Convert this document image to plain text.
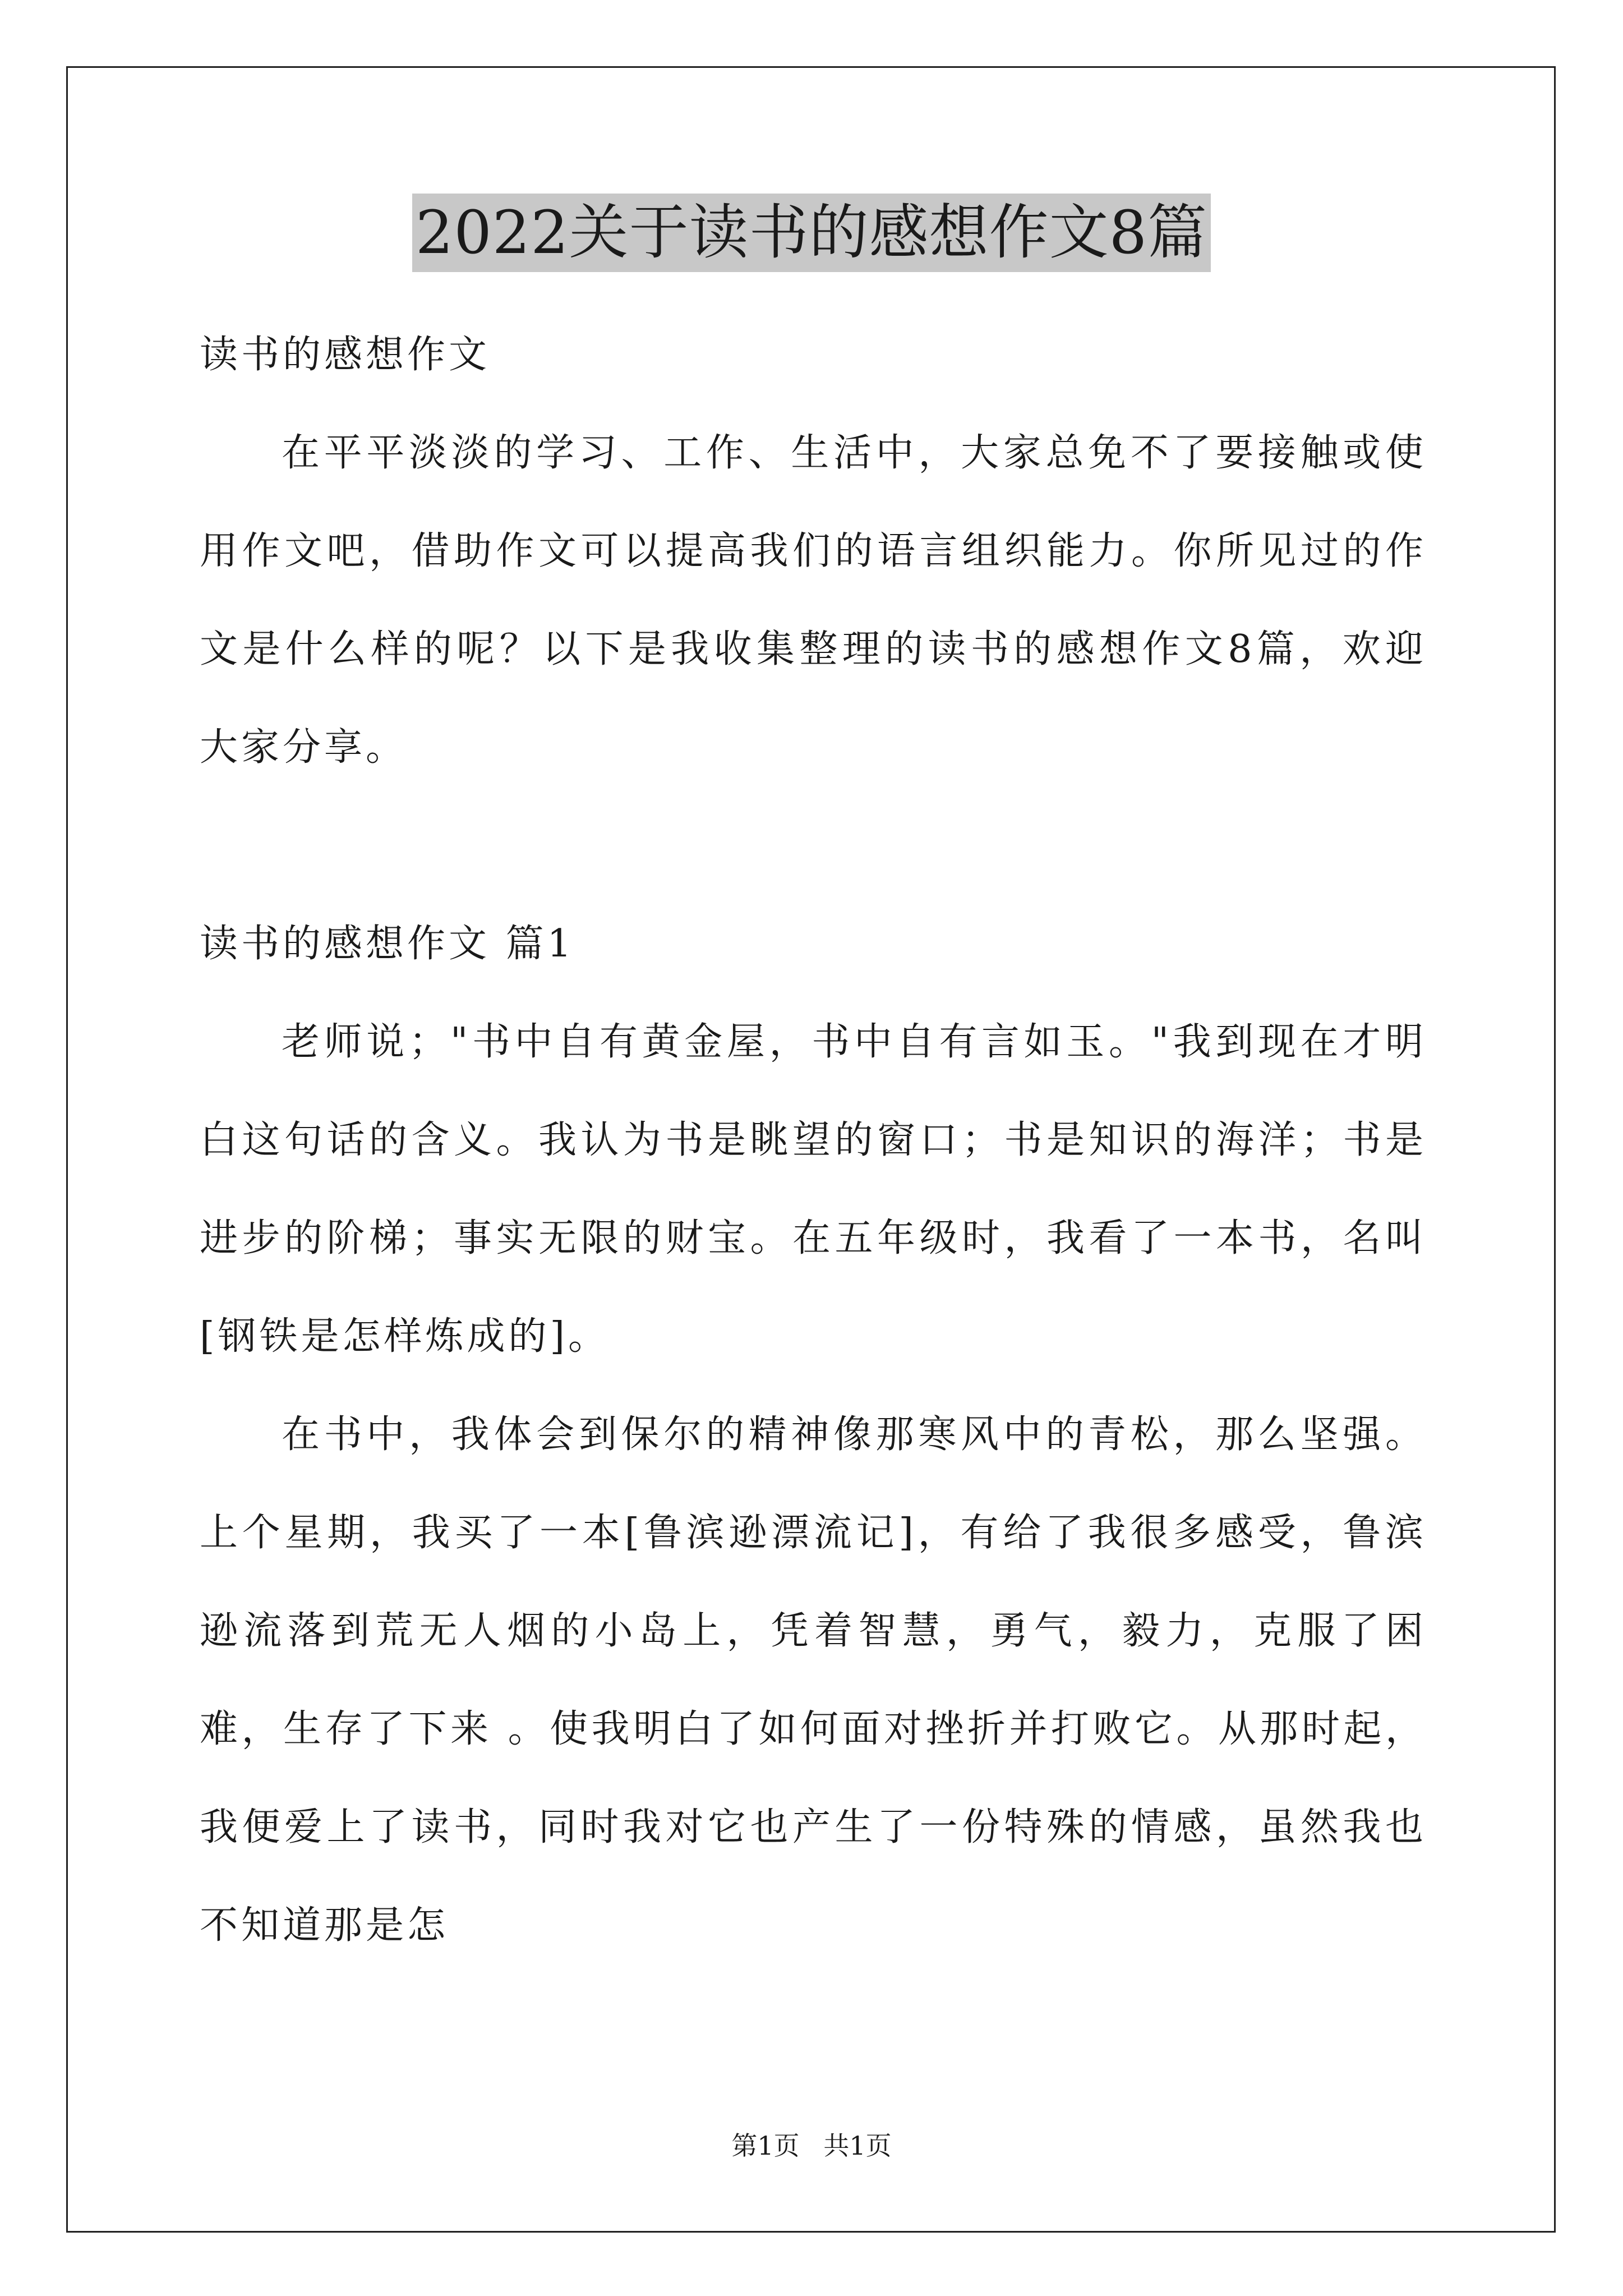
2022关于读书的感想作文8篇

读书的感想作文

在平平淡淡的学习、工作、生活中，大家总免不了要接触或使用作文吧，借助作文可以提高我们的语言组织能力。你所见过的作文是什么样的呢？以下是我收集整理的读书的感想作文8篇，欢迎大家分享。

读书的感想作文 篇1

老师说；"书中自有黄金屋，书中自有言如玉。"我到现在才明白这句话的含义。我认为书是眺望的窗口；书是知识的海洋；书是进步的阶梯；事实无限的财宝。在五年级时，我看了一本书，名叫[钢铁是怎样炼成的]。

在书中，我体会到保尔的精神像那寒风中的青松，那么坚强。上个星期，我买了一本[鲁滨逊漂流记]，有给了我很多感受，鲁滨逊流落到荒无人烟的小岛上，凭着智慧，勇气，毅力，克服了困难，生存了下来 。使我明白了如何面对挫折并打败它。从那时起，我便爱上了读书，同时我对它也产生了一份特殊的情感，虽然我也不知道那是怎

第1页 共1页
